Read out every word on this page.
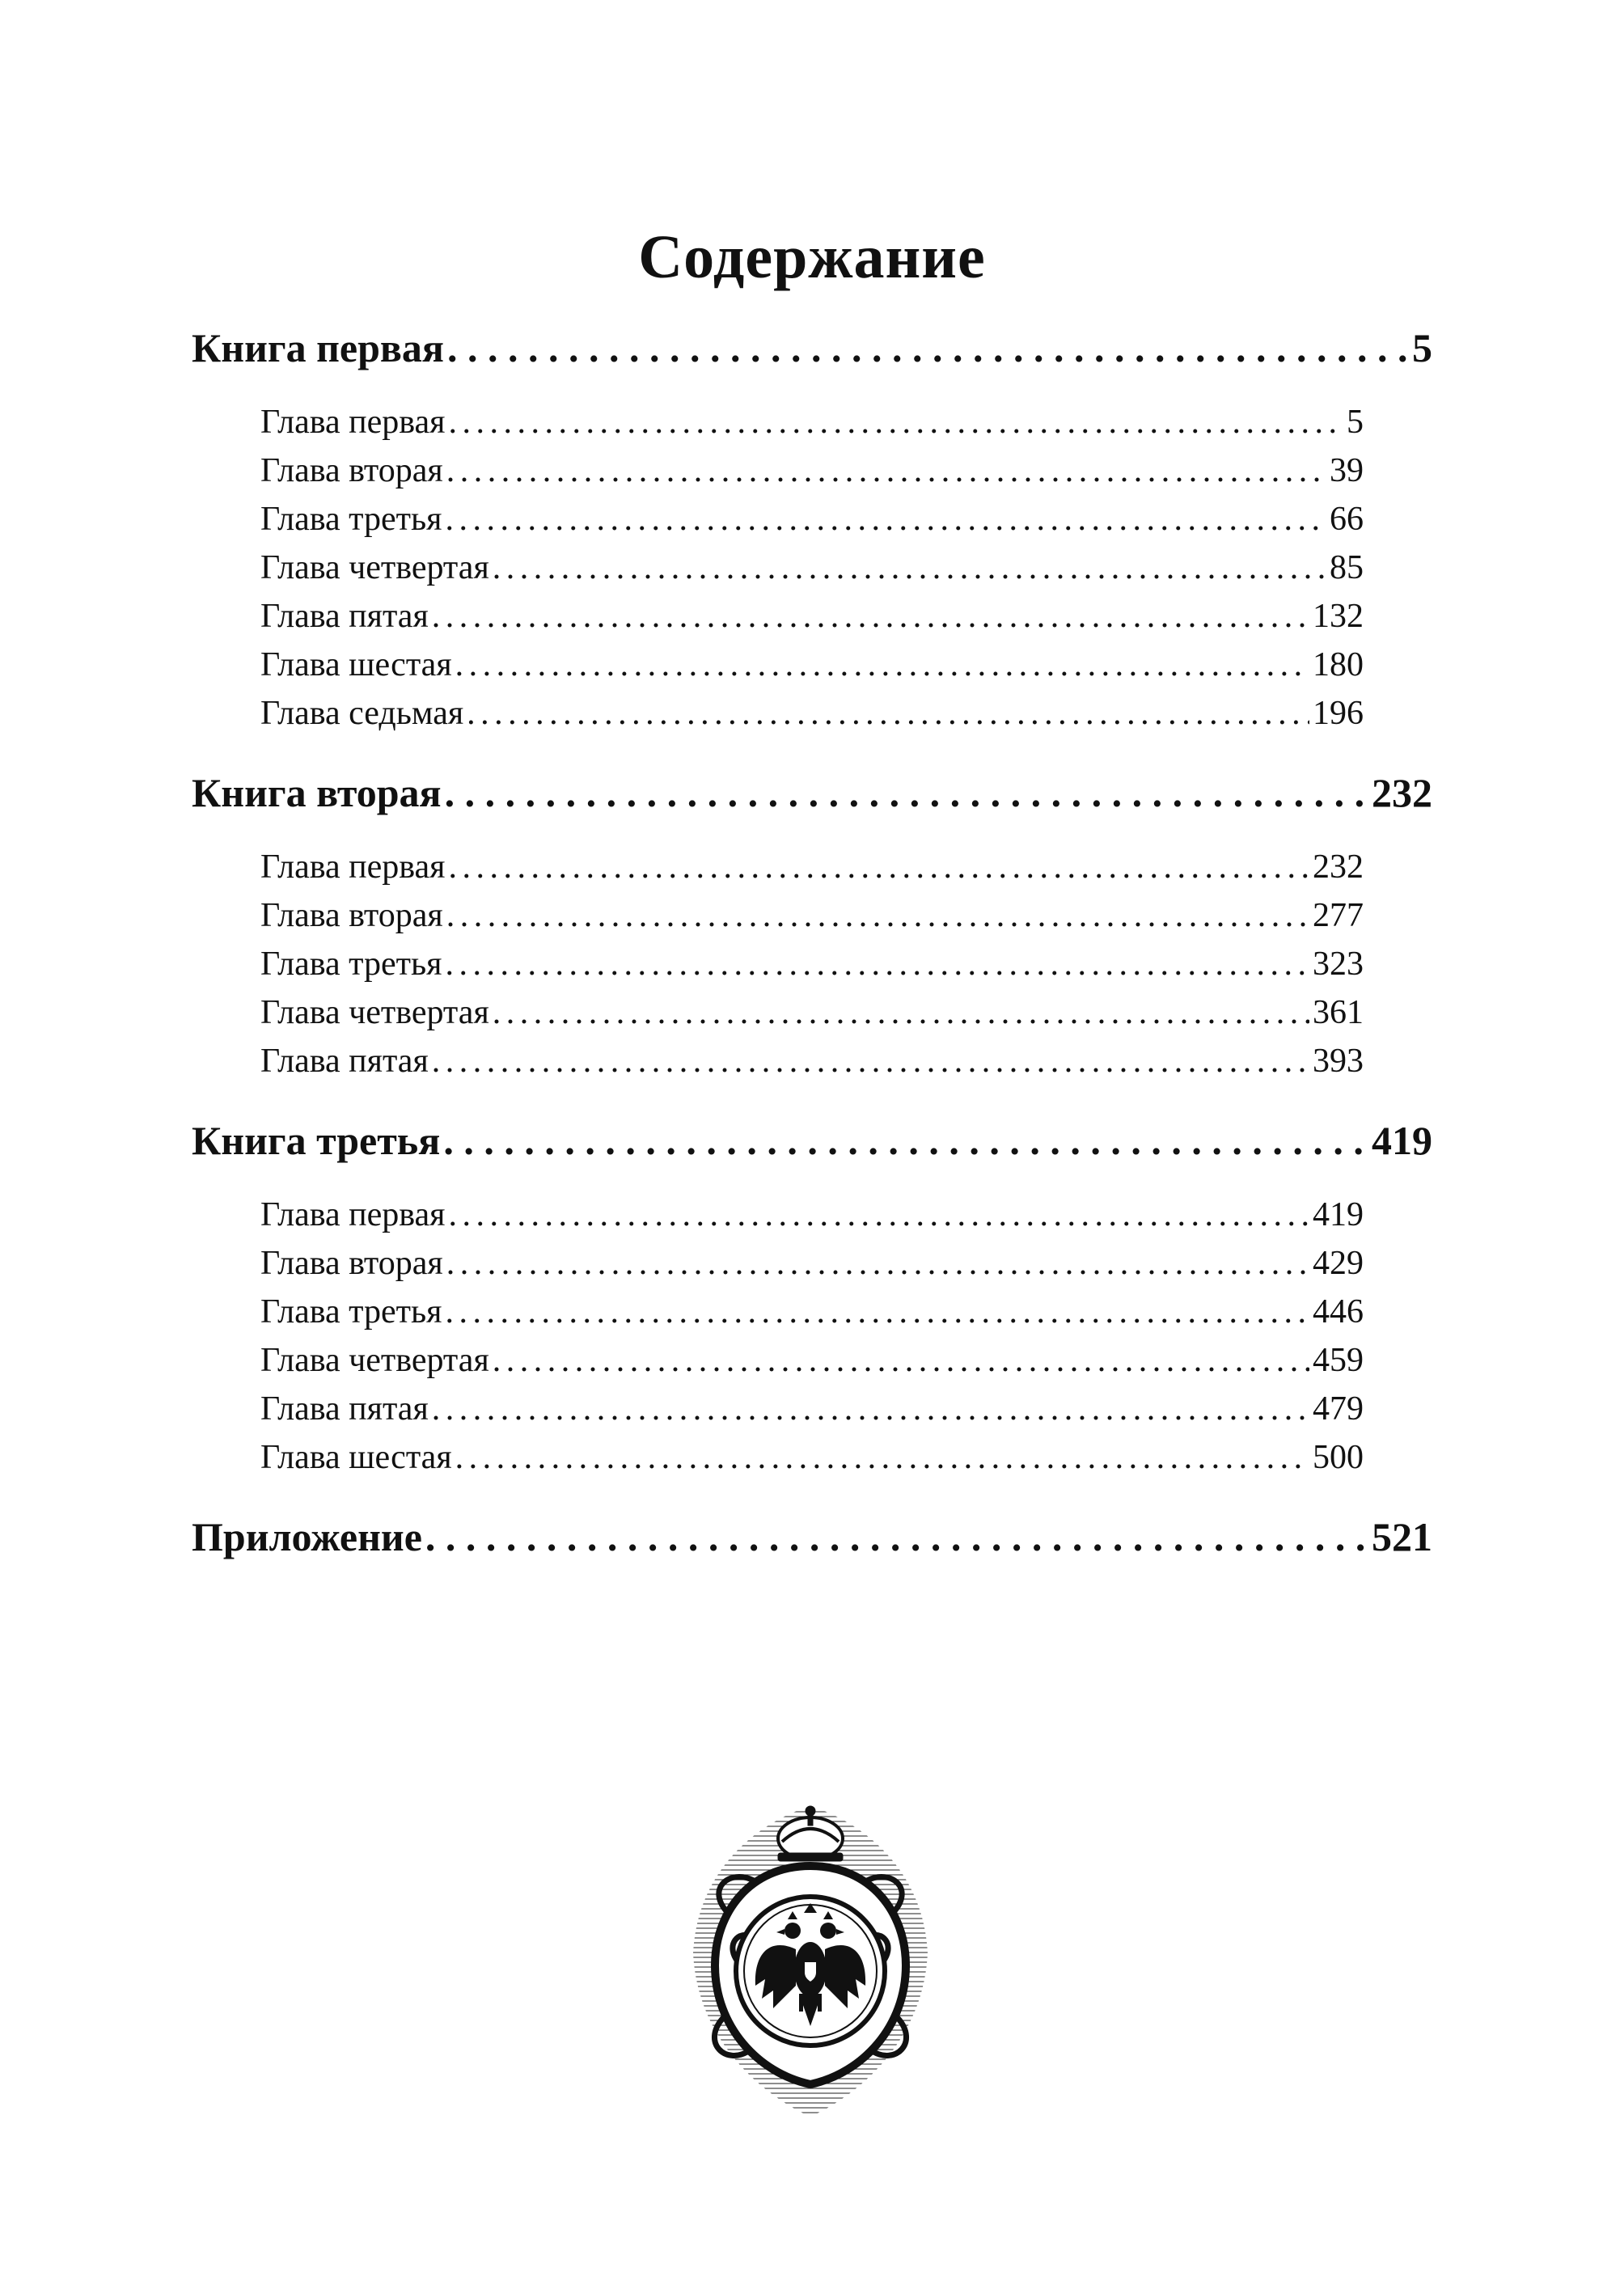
Содержание
Книга первая . . .	5
Глава первая . . .	5
Глава вторая . . .	39
Глава третья . . .	66
Глава четвертая . . .	85
Глава пятая . . .	132
Глава шестая . . .	180
Глава седьмая . . .	196
Книга вторая . . .	232
Глава первая . . .	232
Глава вторая . . .	277
Глава третья . . .	323
Глава четвертая . . .	361
Глава пятая . . .	393
Книга третья . . .	419
Глава первая . . .	419
Глава вторая . . .	429
Глава третья . . .	446
Глава четвертая . . .	459
Глава пятая . . .	479
Глава шестая . . .	500
Приложение . . .	521
